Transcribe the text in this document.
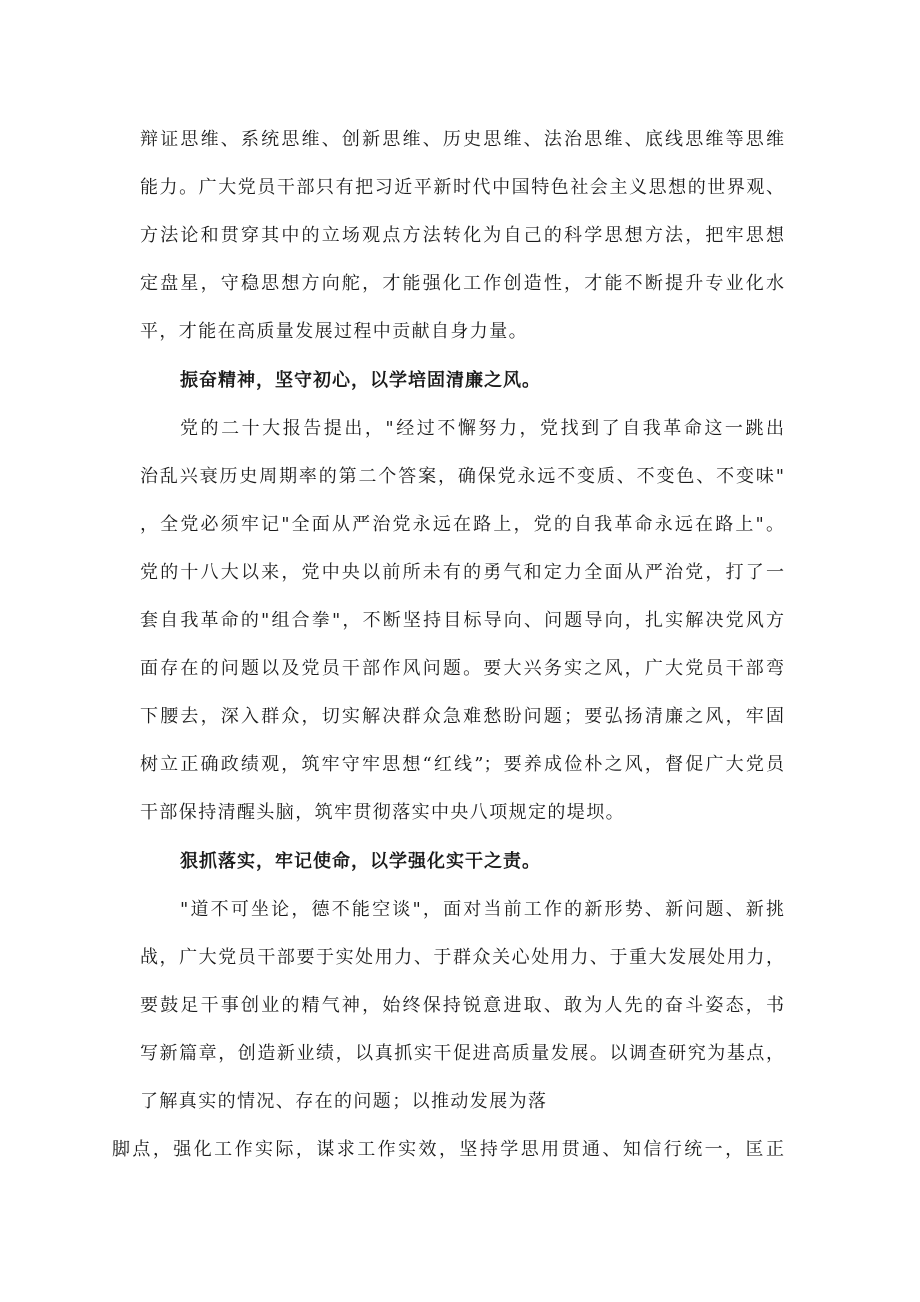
辩证思维、系统思维、创新思维、历史思维、法治思维、底线思维等思维
能力。广大党员干部只有把习近平新时代中国特色社会主义思想的世界观、
方法论和贯穿其中的立场观点方法转化为自己的科学思想方法，把牢思想
定盘星，守稳思想方向舵，才能强化工作创造性，才能不断提升专业化水
平，才能在高质量发展过程中贡献自身力量。
振奋精神，坚守初心，以学培固清廉之风。
党的二十大报告提出，"经过不懈努力，党找到了自我革命这一跳出
治乱兴衰历史周期率的第二个答案，确保党永远不变质、不变色、不变味"
，全党必须牢记"全面从严治党永远在路上，党的自我革命永远在路上"。
党的十八大以来，党中央以前所未有的勇气和定力全面从严治党，打了一
套自我革命的"组合拳"，不断坚持目标导向、问题导向，扎实解决党风方
面存在的问题以及党员干部作风问题。要大兴务实之风，广大党员干部弯
下腰去，深入群众，切实解决群众急难愁盼问题；要弘扬清廉之风，牢固
树立正确政绩观，筑牢守牢思想“红线”；要养成俭朴之风，督促广大党员
干部保持清醒头脑，筑牢贯彻落实中央八项规定的堤坝。
狠抓落实，牢记使命，以学强化实干之责。
"道不可坐论，德不能空谈"，面对当前工作的新形势、新问题、新挑
战，广大党员干部要于实处用力、于群众关心处用力、于重大发展处用力，
要鼓足干事创业的精气神，始终保持锐意进取、敢为人先的奋斗姿态，书
写新篇章，创造新业绩，以真抓实干促进高质量发展。以调查研究为基点，
了解真实的情况、存在的问题；以推动发展为落
脚点，强化工作实际，谋求工作实效，坚持学思用贯通、知信行统一，匡正
